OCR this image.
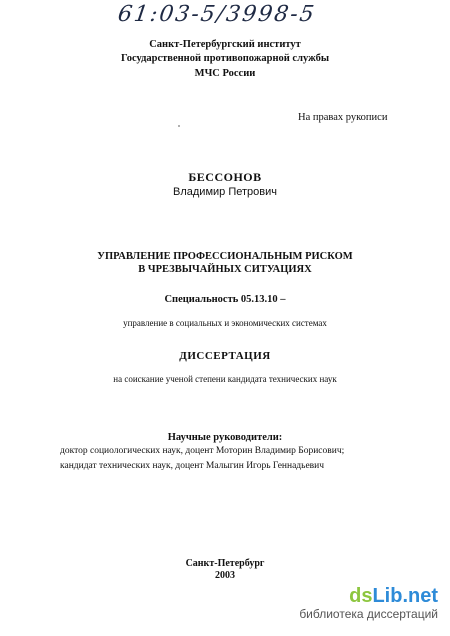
61:03-5/3998-5
Санкт-Петербургский институт
Государственной противопожарной службы
МЧС России
На правах рукописи
БЕССОНОВ
Владимир Петрович
УПРАВЛЕНИЕ ПРОФЕССИОНАЛЬНЫМ РИСКОМ
В ЧРЕЗВЫЧАЙНЫХ СИТУАЦИЯХ
Специальность 05.13.10 –
управление в социальных и экономических системах
ДИССЕРТАЦИЯ
на соискание ученой степени кандидата технических наук
Научные руководители:
доктор социологических наук, доцент Моторин Владимир Борисович;
кандидат технических наук, доцент Малыгин Игорь Геннадьевич
Санкт-Петербург
2003
dsLib.net
библиотека диссертаций
